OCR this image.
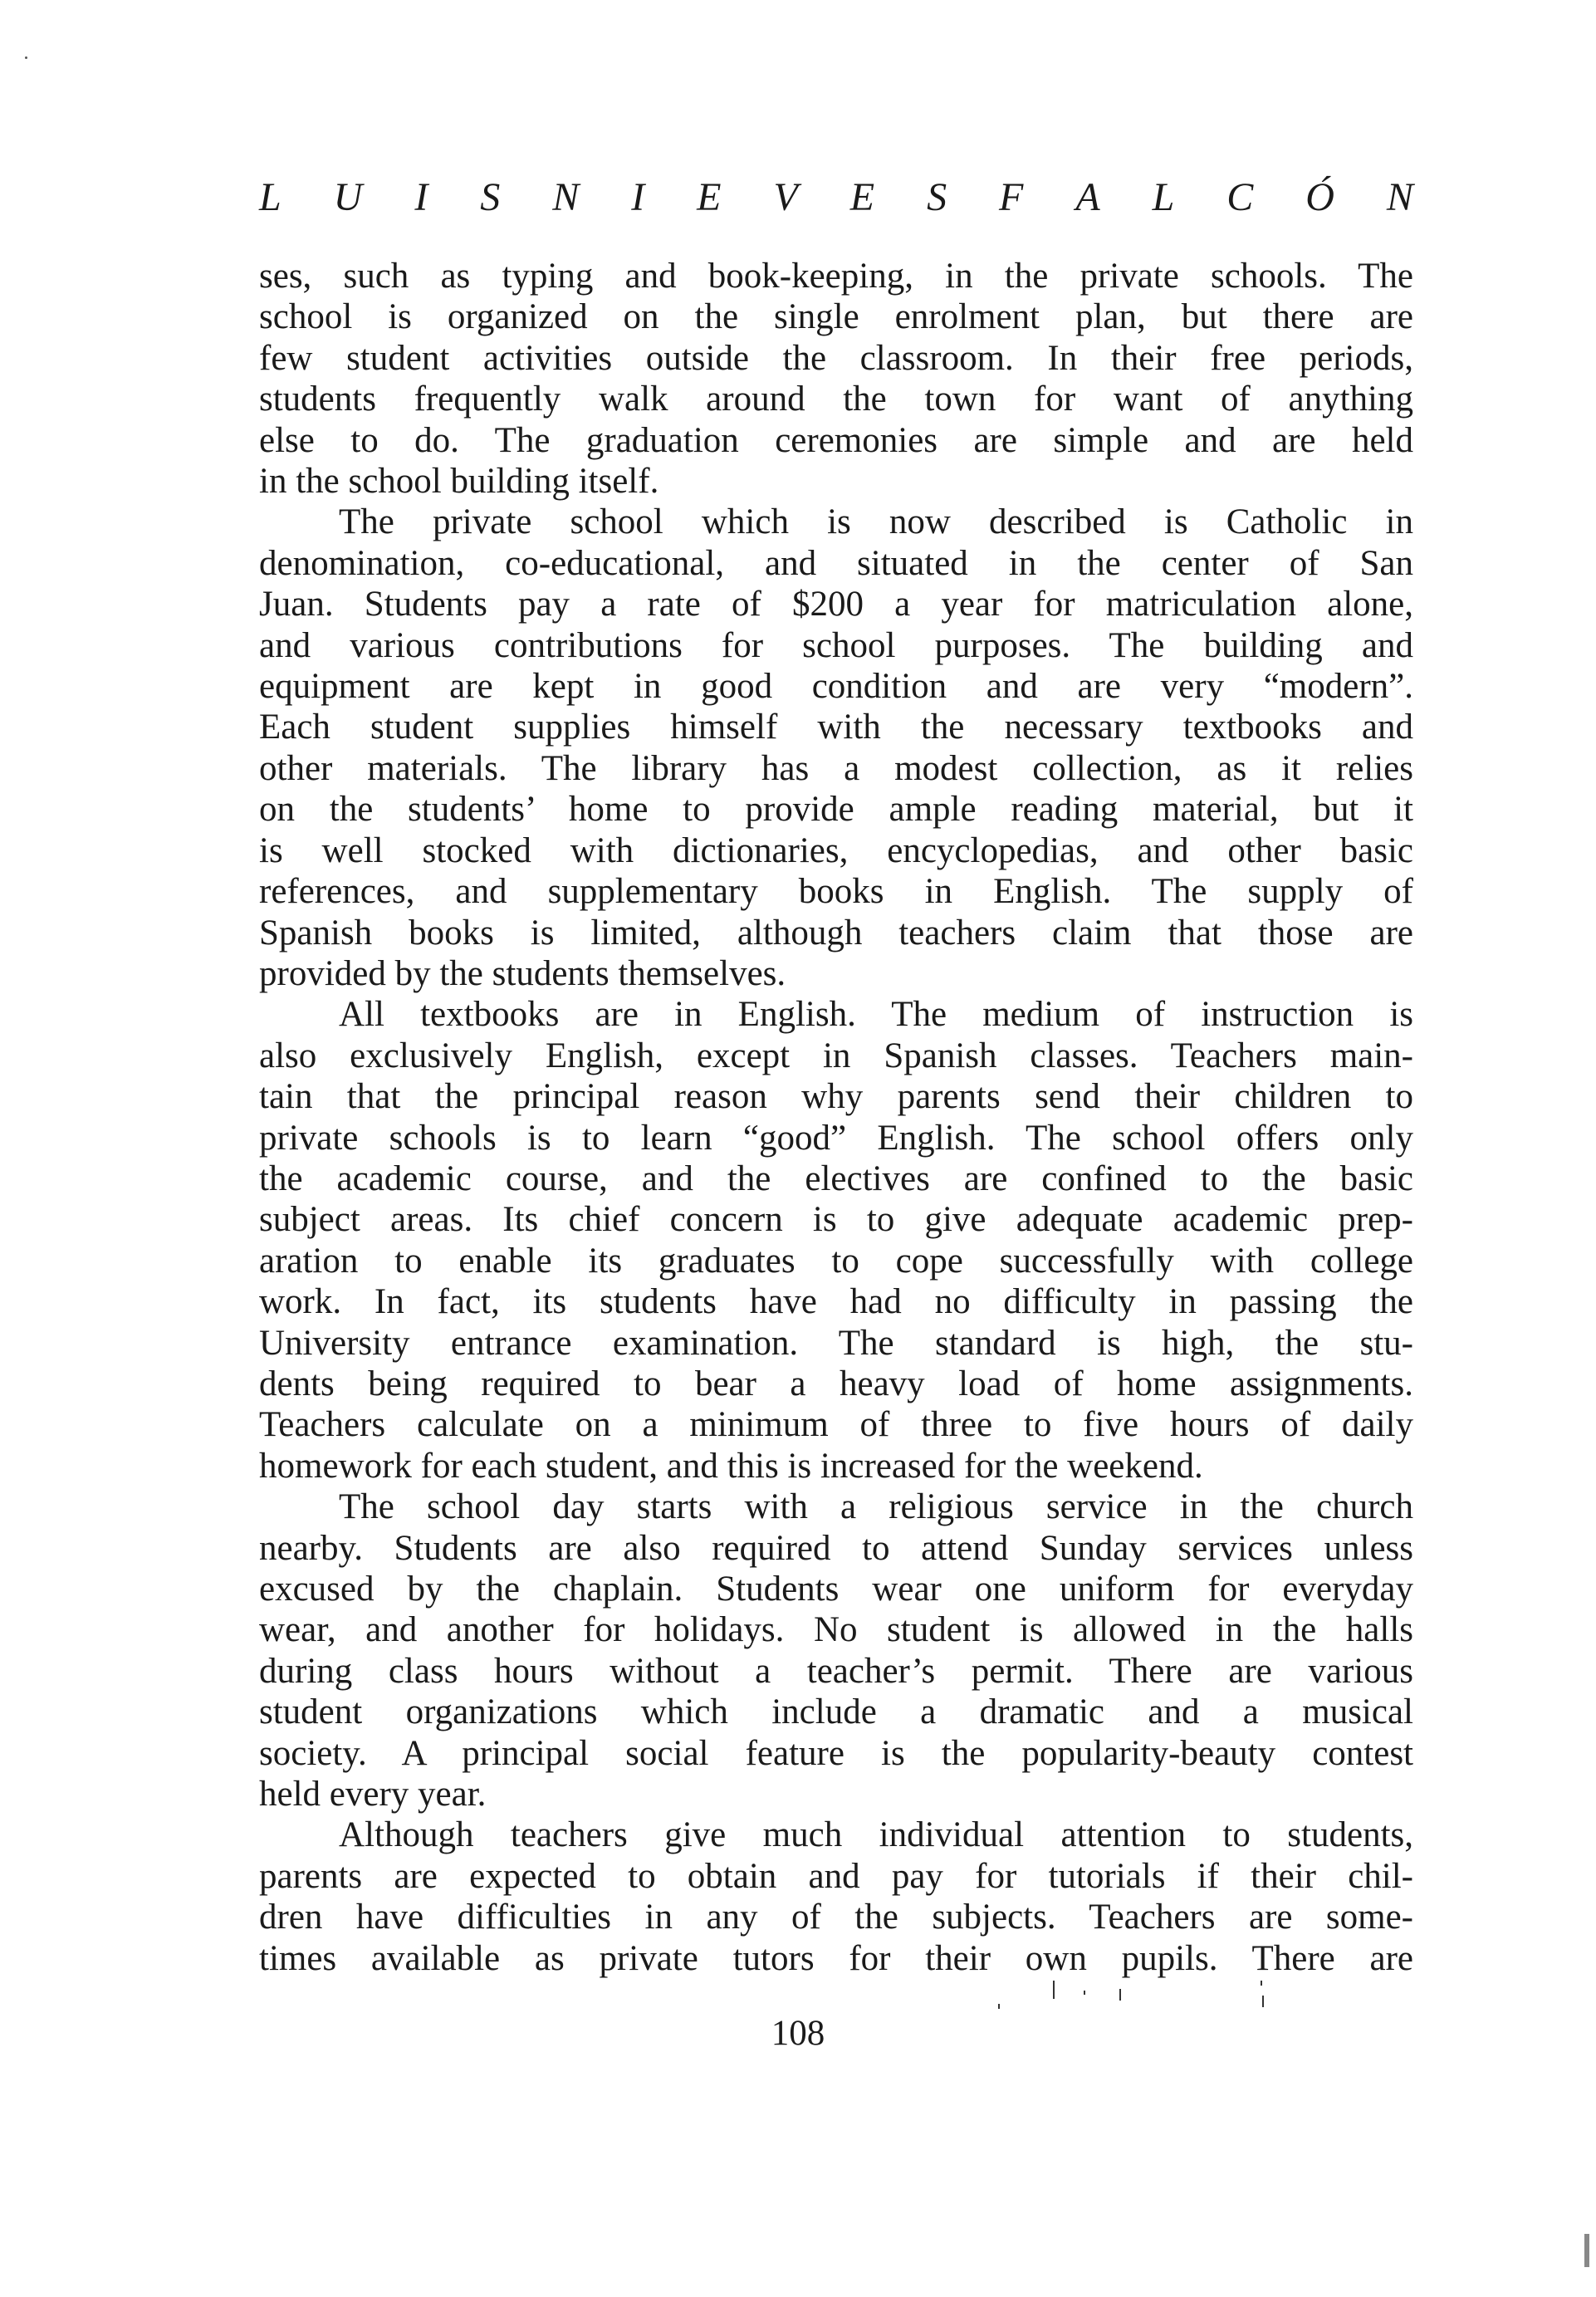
L U I S N I E V E S F A L C Ó N
ses, such as typing and book-keeping, in the private schools. The
school is organized on the single enrolment plan, but there are
few student activities outside the classroom. In their free periods,
students frequently walk around the town for want of anything
else to do. The graduation ceremonies are simple and are held
in the school building itself.
The private school which is now described is Catholic in
denomination, co-educational, and situated in the center of San
Juan. Students pay a rate of $200 a year for matriculation alone,
and various contributions for school purposes. The building and
equipment are kept in good condition and are very “modern”.
Each student supplies himself with the necessary textbooks and
other materials. The library has a modest collection, as it relies
on the students’ home to provide ample reading material, but it
is well stocked with dictionaries, encyclopedias, and other basic
references, and supplementary books in English. The supply of
Spanish books is limited, although teachers claim that those are
provided by the students themselves.
All textbooks are in English. The medium of instruction is
also exclusively English, except in Spanish classes. Teachers main-
tain that the principal reason why parents send their children to
private schools is to learn “good” English. The school offers only
the academic course, and the electives are confined to the basic
subject areas. Its chief concern is to give adequate academic prep-
aration to enable its graduates to cope successfully with college
work. In fact, its students have had no difficulty in passing the
University entrance examination. The standard is high, the stu-
dents being required to bear a heavy load of home assignments.
Teachers calculate on a minimum of three to five hours of daily
homework for each student, and this is increased for the weekend.
The school day starts with a religious service in the church
nearby. Students are also required to attend Sunday services unless
excused by the chaplain. Students wear one uniform for everyday
wear, and another for holidays. No student is allowed in the halls
during class hours without a teacher’s permit. There are various
student organizations which include a dramatic and a musical
society. A principal social feature is the popularity-beauty contest
held every year.
Although teachers give much individual attention to students,
parents are expected to obtain and pay for tutorials if their chil-
dren have difficulties in any of the subjects. Teachers are some-
times available as private tutors for their own pupils. There are
108
